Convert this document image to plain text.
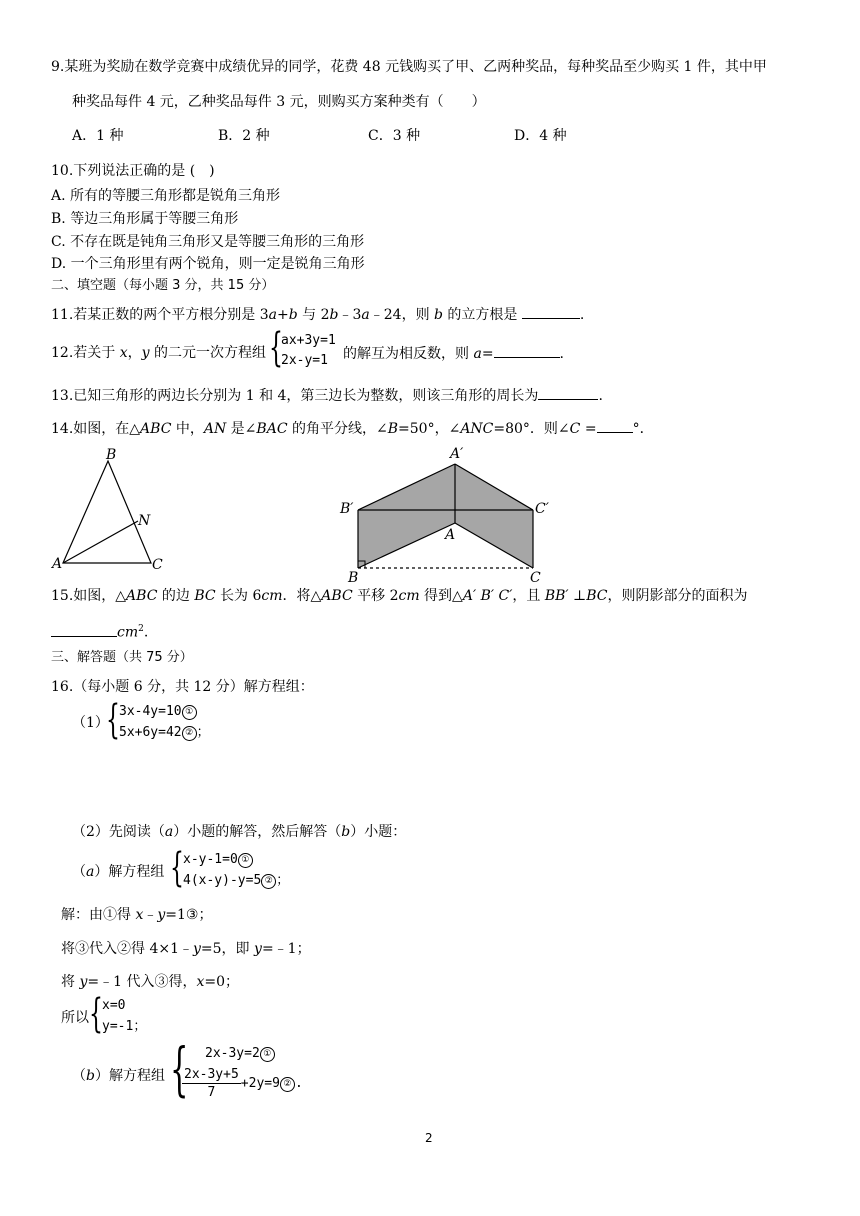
9.某班为奖励在数学竞赛中成绩优异的同学，花费 48 元钱购买了甲、乙两种奖品，每种奖品至少购买 1 件，其中甲
种奖品每件 4 元，乙种奖品每件 3 元，则购买方案种类有（　　）
A．1 种	B．2 种	C．3 种	D．4 种
10.下列说法正确的是 (　)
A. 所有的等腰三角形都是锐角三角形
B. 等边三角形属于等腰三角形
C. 不存在既是钝角三角形又是等腰三角形的三角形
D. 一个三角形里有两个锐角，则一定是锐角三角形
二、填空题（每小题 3 分，共 15 分）
11.若某正数的两个平方根分别是 3a+b 与 2b﹣3a﹣24，则 b 的立方根是	.
12.若关于 x，y 的二元一次方程组 {
ax+3y=1
2x-y=1 的解互为相反数，则 a=	.
13.已知三角形的两边长分别为 1 和 4，第三边长为整数，则该三角形的周长为	.
14.如图，在△ABC 中，AN 是∠BAC 的角平分线，∠B=50°，∠ANC=80°．则∠C =	°．
B
N
A	C
A′
B′	C′
A
B	C
15.如图，△ABC 的边 BC 长为 6cm．将△ABC 平移 2cm 得到△A′ B′ C′，且 BB′ ⊥BC，则阴影部分的面积为
$cm^2$.
三、解答题（共 75 分）
16.（每小题 6 分，共 12 分）解方程组：
（1）
{ 3x-4y=10 ①
5x+6y=42 ② ；
（2）先阅读（a）小题的解答，然后解答（b）小题：
（a）解方程组 { x-y-1=0 ①
4(x-y)-y=5 ② ；
解：由①得 x﹣y=1③；
将③代入②得 4×1﹣y=5，即 y=﹣1；
将 y=﹣1 代入③得，x=0；
所以 { x=0
y=-1；
（b）解方程组 { 2x-3y=2 ①
$\frac{2x-3y+5}{7} +2y=9$ ② .
2
